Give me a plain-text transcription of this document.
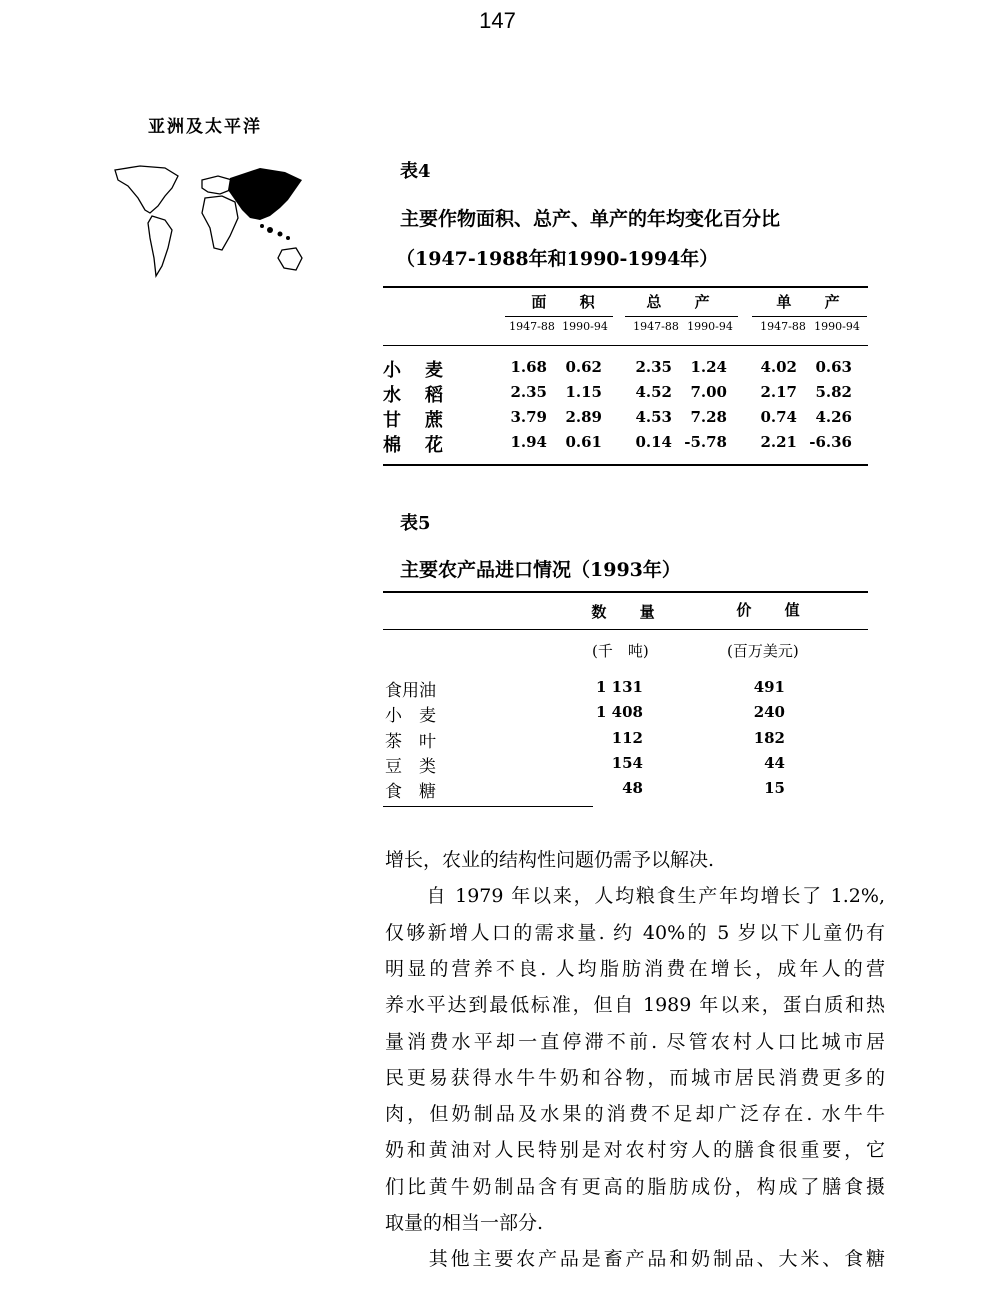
147
亚洲及太平洋
表4
主要作物面积、总产、单产的年均变化百分比
（1947-1988年和1990-1994年）
面 积	总 产	单 产
1947-88 1990-94	1947-88 1990-94	1947-88 1990-94
表5
主要农产品进口情况（1993年）
数 量	价 值
(千　吨)	(百万美元)
小麦	1.68	0.62	2.35	1.24	4.02	0.63
水稻	2.35	1.15	4.52	7.00	2.17	5.82
甘蔗	3.79	2.89	4.53	7.28	0.74	4.26
棉花	1.94	0.61	0.14 -5.78	2.21 -6.36
食用油	1 131	491
小　麦	1 408	240
茶　叶	112	182
豆　类	154	44
食　糖	48	15
增长，农业的结构性问题仍需予以解决.
　　自 1979 年以来，人均粮食生产年均增长了 1.2%,
仅够新增人口的需求量. 约 40%的 5 岁以下儿童仍有
明显的营养不良. 人均脂肪消费在增长，成年人的营
养水平达到最低标准，但自 1989 年以来，蛋白质和热
量消费水平却一直停滞不前. 尽管农村人口比城市居
民更易获得水牛牛奶和谷物，而城市居民消费更多的
肉，但奶制品及水果的消费不足却广泛存在. 水牛牛
奶和黄油对人民特别是对农村穷人的膳食很重要，它
们比黄牛奶制品含有更高的脂肪成份，构成了膳食摄
取量的相当一部分.
　　其他主要农产品是畜产品和奶制品、大米、食糖
